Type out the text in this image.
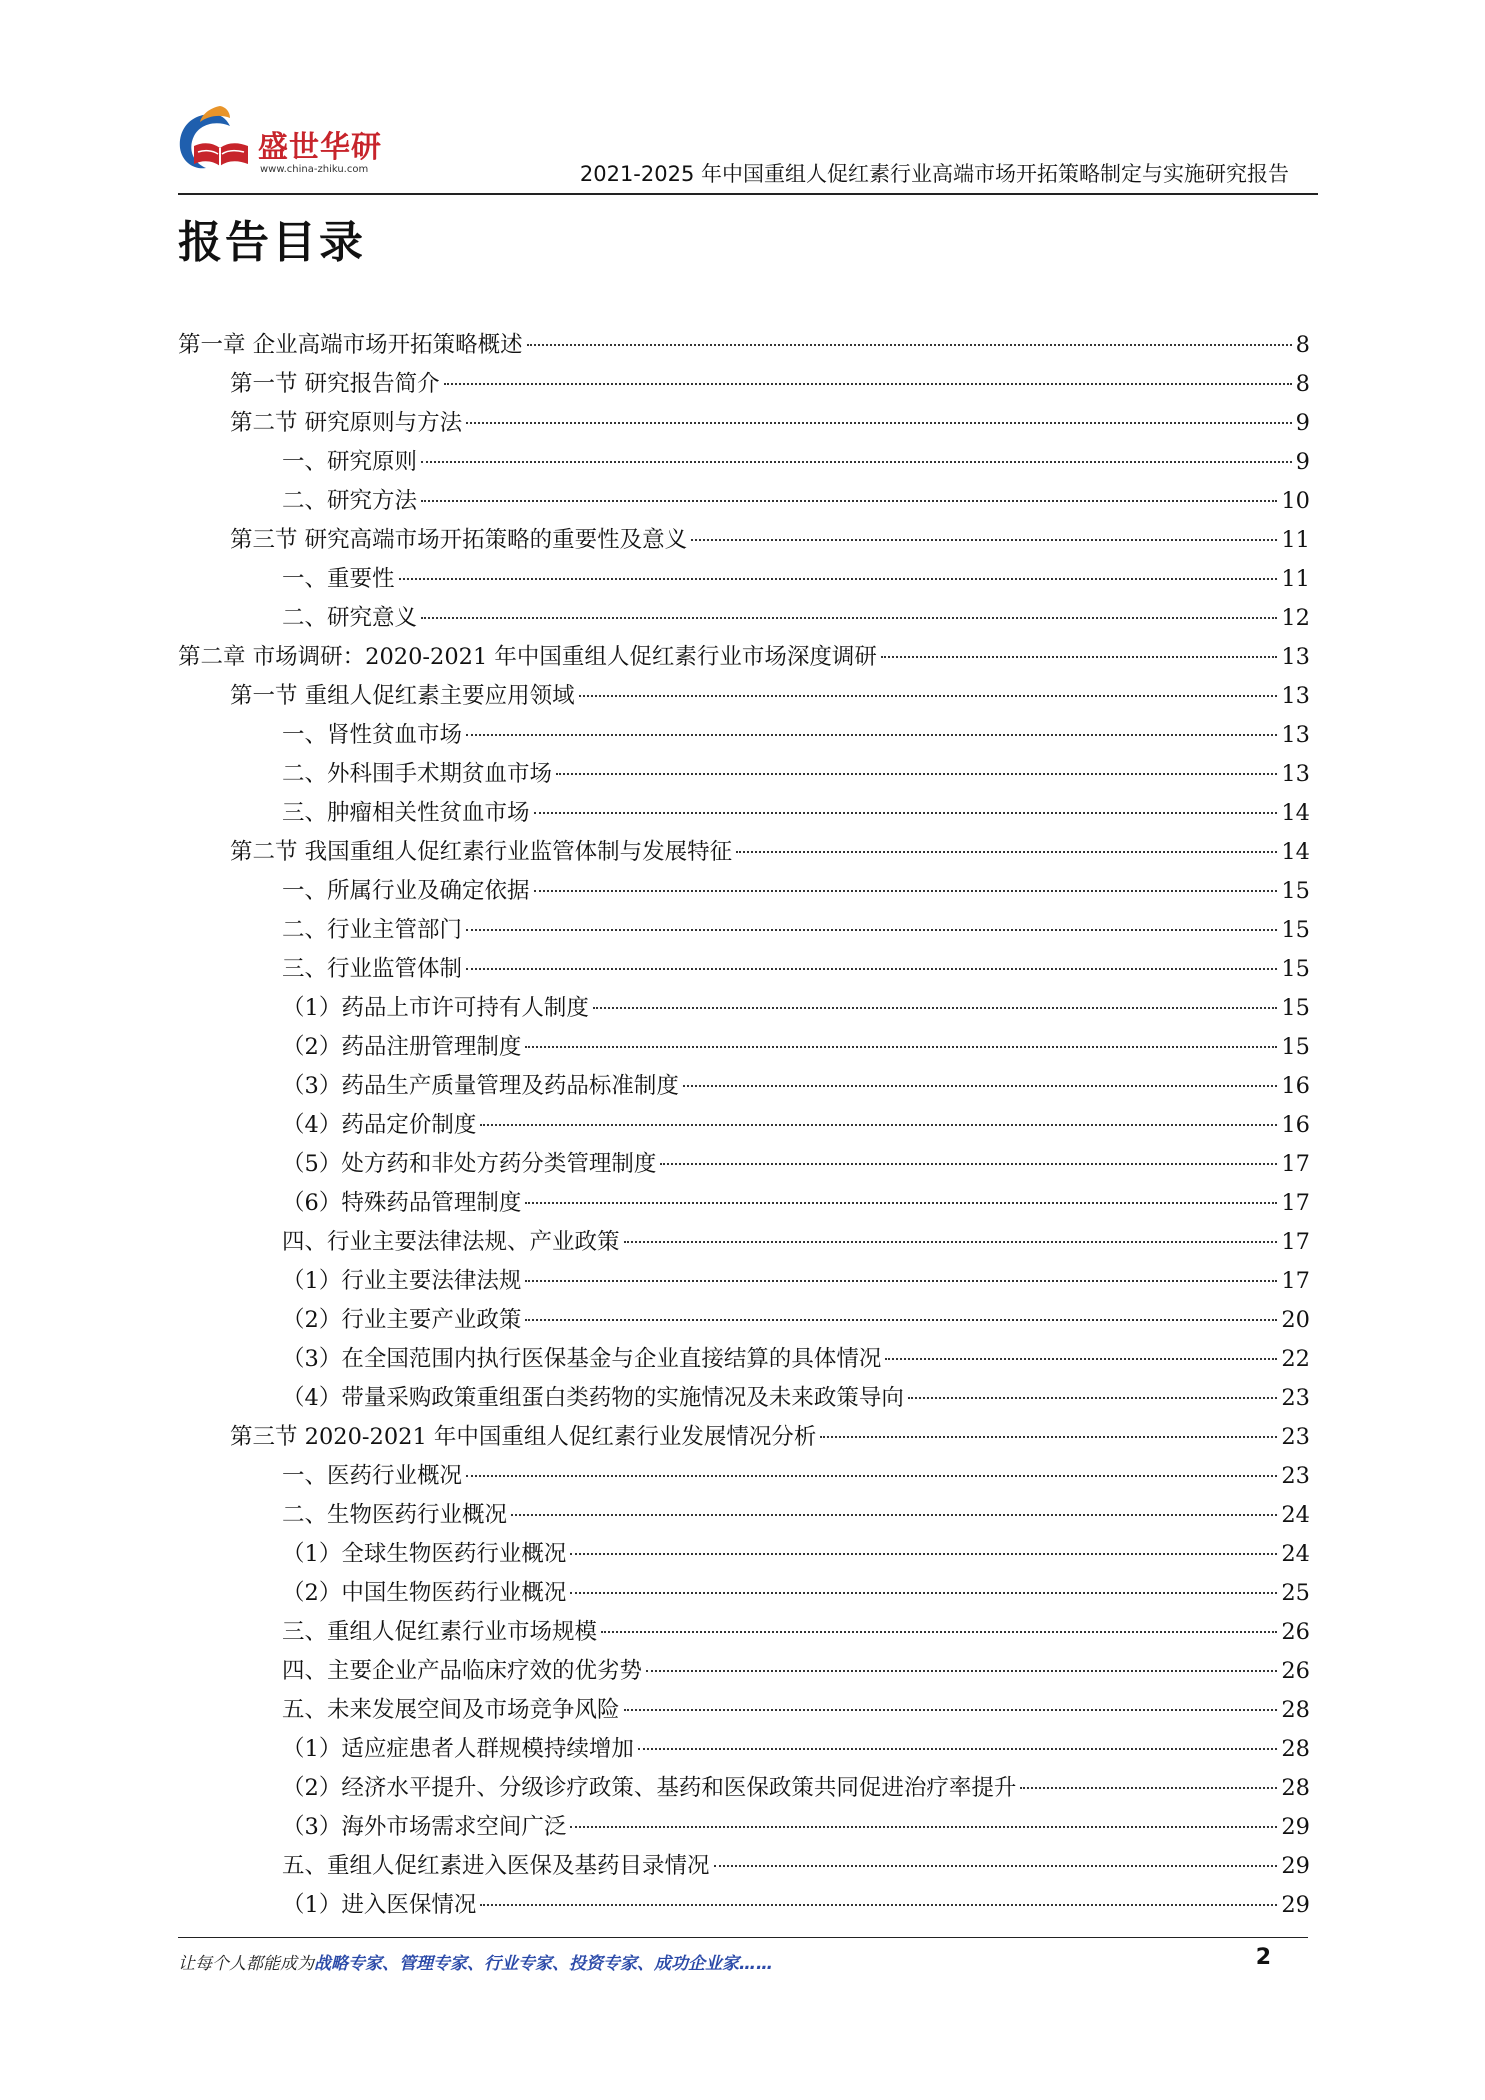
盛世华研
www.china-zhiku.com	2021-2025 年中国重组人促红素行业高端市场开拓策略制定与实施研究报告
报告目录
第一章 企业高端市场开拓策略概述	8
第一节 研究报告简介	8
第二节 研究原则与方法	9
一、研究原则	9
二、研究方法	10
第三节 研究高端市场开拓策略的重要性及意义	11
一、重要性	11
二、研究意义	12
第二章 市场调研：2020-2021 年中国重组人促红素行业市场深度调研	13
第一节 重组人促红素主要应用领域	13
一、肾性贫血市场	13
二、外科围手术期贫血市场	13
三、肿瘤相关性贫血市场	14
第二节 我国重组人促红素行业监管体制与发展特征	14
一、所属行业及确定依据	15
二、行业主管部门	15
三、行业监管体制	15
（1）药品上市许可持有人制度	15
（2）药品注册管理制度	15
（3）药品生产质量管理及药品标准制度	16
（4）药品定价制度	16
（5）处方药和非处方药分类管理制度	17
（6）特殊药品管理制度	17
四、行业主要法律法规、产业政策	17
（1）行业主要法律法规	17
（2）行业主要产业政策	20
（3）在全国范围内执行医保基金与企业直接结算的具体情况	22
（4）带量采购政策重组蛋白类药物的实施情况及未来政策导向	23
第三节 2020-2021 年中国重组人促红素行业发展情况分析	23
一、医药行业概况	23
二、生物医药行业概况	24
（1）全球生物医药行业概况	24
（2）中国生物医药行业概况	25
三、重组人促红素行业市场规模	26
四、主要企业产品临床疗效的优劣势	26
五、未来发展空间及市场竞争风险	28
（1）适应症患者人群规模持续增加	28
（2）经济水平提升、分级诊疗政策、基药和医保政策共同促进治疗率提升	28
（3）海外市场需求空间广泛	29
五、重组人促红素进入医保及基药目录情况	29
（1）进入医保情况	29
让每个人都能成为战略专家、管理专家、行业专家、投资专家、成功企业家……	2
